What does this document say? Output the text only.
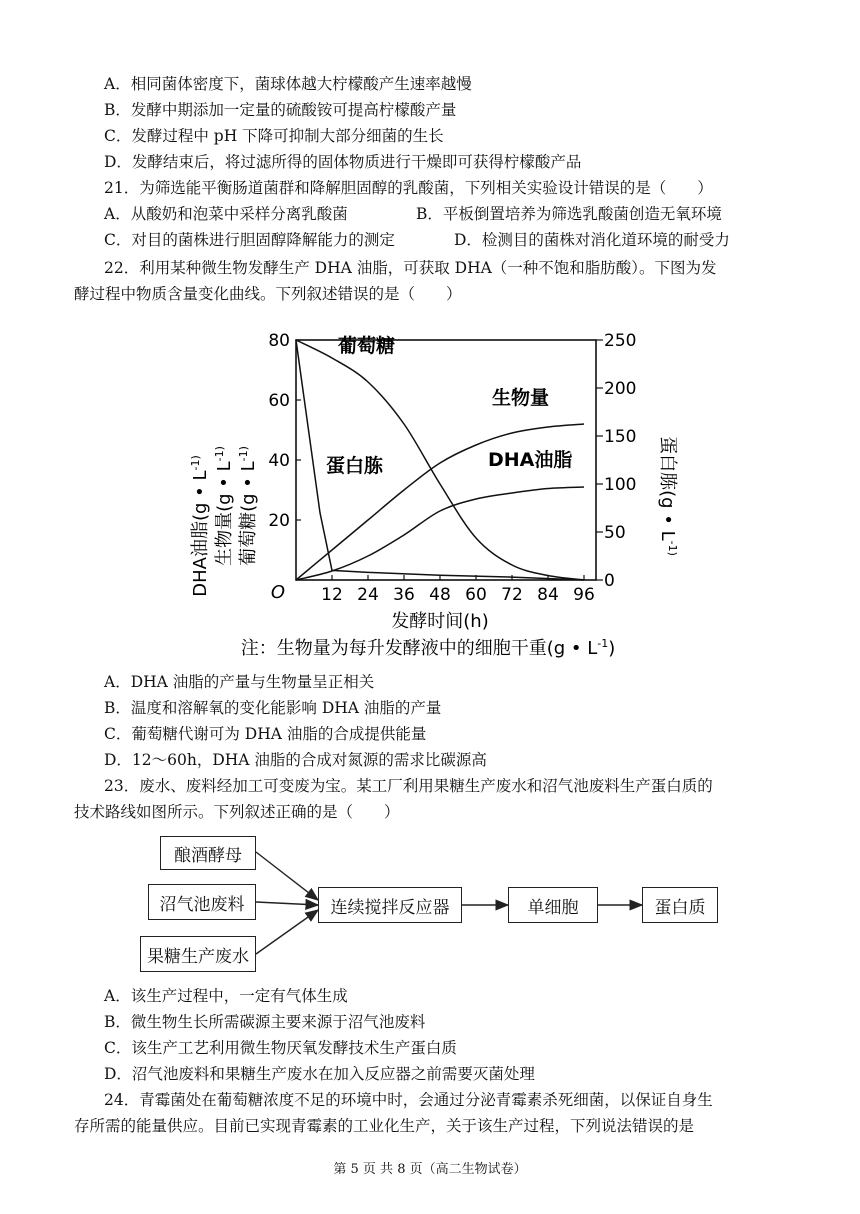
A．相同菌体密度下，菌球体越大柠檬酸产生速率越慢
B．发酵中期添加一定量的硫酸铵可提高柠檬酸产量
C．发酵过程中 pH 下降可抑制大部分细菌的生长
D．发酵结束后，将过滤所得的固体物质进行干燥即可获得柠檬酸产品
21．为筛选能平衡肠道菌群和降解胆固醇的乳酸菌，下列相关实验设计错误的是（　　）
A．从酸奶和泡菜中采样分离乳酸菌	B．平板倒置培养为筛选乳酸菌创造无氧环境
C．对目的菌株进行胆固醇降解能力的测定	D．检测目的菌株对消化道环境的耐受力
22．利用某种微生物发酵生产 DHA 油脂，可获取 DHA（一种不饱和脂肪酸）。下图为发
酵过程中物质含量变化曲线。下列叙述错误的是（　　）
12 24 36 48 60 72 84 96
20
40
60
80
0
50
100
150
200
250
O
发酵时间(h)
DHA油脂(g • $L^{-1)}$ 生物量(g • $L^{-1)}$
葡萄糖(g • $L^{-1)}$	蛋白胨(g • $L^{-1)}$
葡萄糖
蛋白胨
生物量
DHA油脂
注：生物量为每升发酵液中的细胞干重(g • $L^{-1}$)
A．DHA 油脂的产量与生物量呈正相关
B．温度和溶解氧的变化能影响 DHA 油脂的产量
C．葡萄糖代谢可为 DHA 油脂的合成提供能量
D．12～60h，DHA 油脂的合成对氮源的需求比碳源高
23．废水、废料经加工可变废为宝。某工厂利用果糖生产废水和沼气池废料生产蛋白质的
技术路线如图所示。下列叙述正确的是（　　）
酿酒酵母
沼气池废料
果糖生产废水
连续搅拌反应器	单细胞	蛋白质
A．该生产过程中，一定有气体生成
B．微生物生长所需碳源主要来源于沼气池废料
C．该生产工艺利用微生物厌氧发酵技术生产蛋白质
D．沼气池废料和果糖生产废水在加入反应器之前需要灭菌处理
24．青霉菌处在葡萄糖浓度不足的环境中时，会通过分泌青霉素杀死细菌，以保证自身生
存所需的能量供应。目前已实现青霉素的工业化生产，关于该生产过程，下列说法错误的是
第 5 页 共 8 页（高二生物试卷）
